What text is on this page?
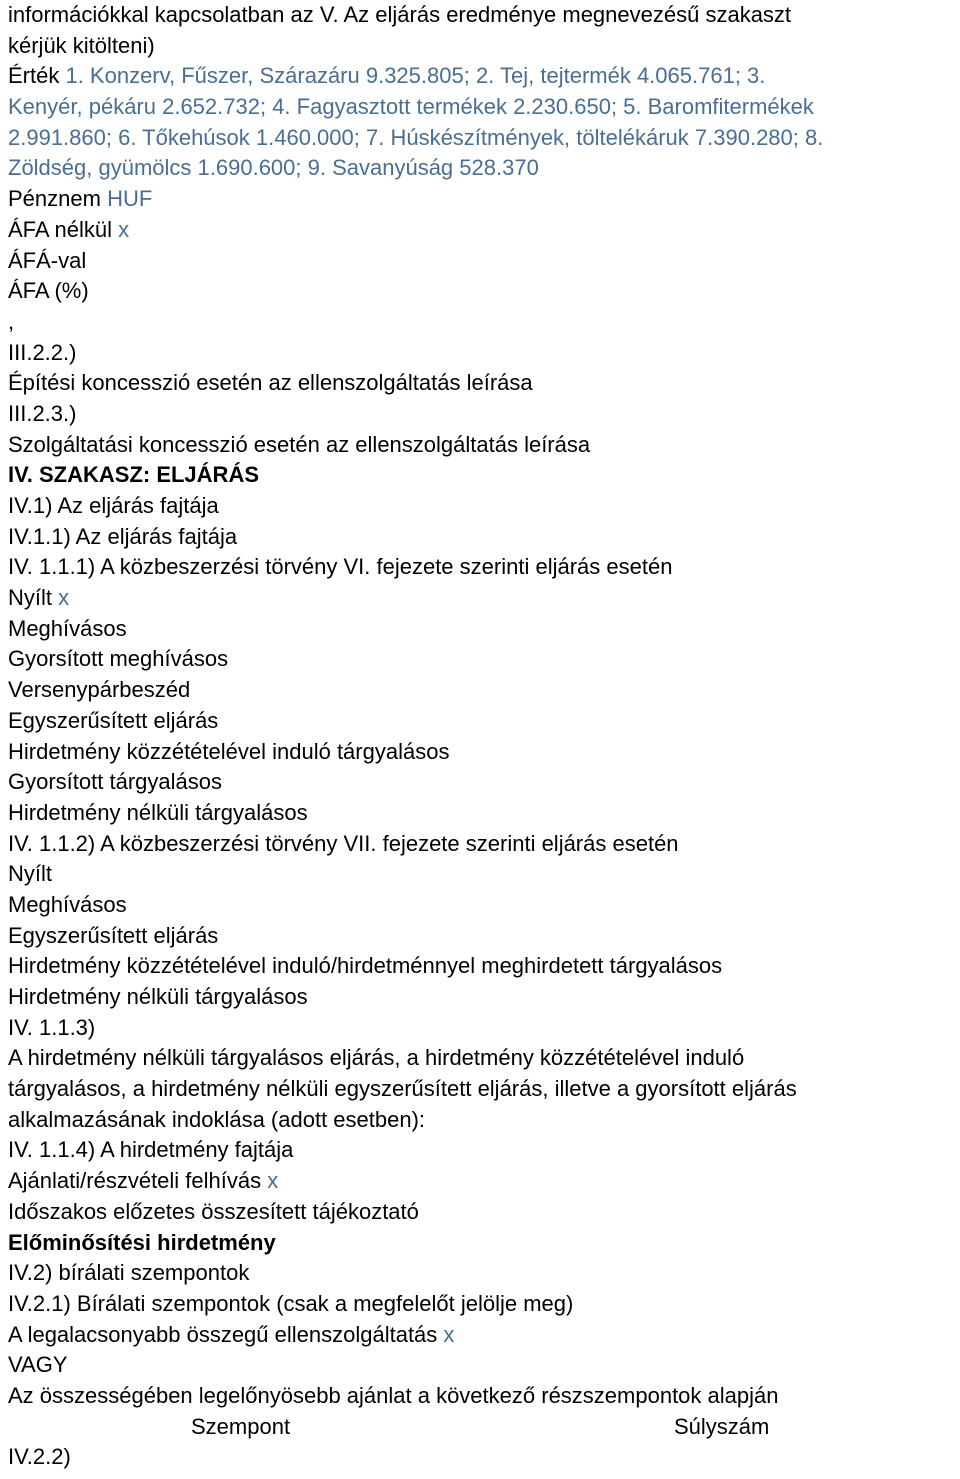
információkkal kapcsolatban az V. Az eljárás eredménye megnevezésű szakaszt
kérjük kitölteni)
Érték 1. Konzerv, Fűszer, Szárazáru 9.325.805; 2. Tej, tejtermék 4.065.761; 3.
Kenyér, pékáru 2.652.732; 4. Fagyasztott termékek 2.230.650; 5. Baromfitermékek
2.991.860; 6. Tőkehúsok 1.460.000; 7. Húskészítmények, töltelékáruk 7.390.280; 8.
Zöldség, gyümölcs 1.690.600; 9. Savanyúság 528.370
Pénznem HUF
ÁFA nélkül x
ÁFÁ-val
ÁFA (%)
,
III.2.2.)
Építési koncesszió esetén az ellenszolgáltatás leírása
III.2.3.)
Szolgáltatási koncesszió esetén az ellenszolgáltatás leírása
IV. SZAKASZ: ELJÁRÁS
IV.1) Az eljárás fajtája
IV.1.1) Az eljárás fajtája
IV. 1.1.1) A közbeszerzési törvény VI. fejezete szerinti eljárás esetén
Nyílt x
Meghívásos
Gyorsított meghívásos
Versenypárbeszéd
Egyszerűsített eljárás
Hirdetmény közzétételével induló tárgyalásos
Gyorsított tárgyalásos
Hirdetmény nélküli tárgyalásos
IV. 1.1.2) A közbeszerzési törvény VII. fejezete szerinti eljárás esetén
Nyílt
Meghívásos
Egyszerűsített eljárás
Hirdetmény közzétételével induló/hirdetménnyel meghirdetett tárgyalásos
Hirdetmény nélküli tárgyalásos
IV. 1.1.3)
A hirdetmény nélküli tárgyalásos eljárás, a hirdetmény közzétételével induló
tárgyalásos, a hirdetmény nélküli egyszerűsített eljárás, illetve a gyorsított eljárás
alkalmazásának indoklása (adott esetben):
IV. 1.1.4) A hirdetmény fajtája
Ajánlati/részvételi felhívás x
Időszakos előzetes összesített tájékoztató
Előminősítési hirdetmény
IV.2) bírálati szempontok
IV.2.1) Bírálati szempontok (csak a megfelelőt jelölje meg)
A legalacsonyabb összegű ellenszolgáltatás x
VAGY
Az összességében legelőnyösebb ajánlat a következő részszempontok alapján
Szempont	Súlyszám
IV.2.2)
